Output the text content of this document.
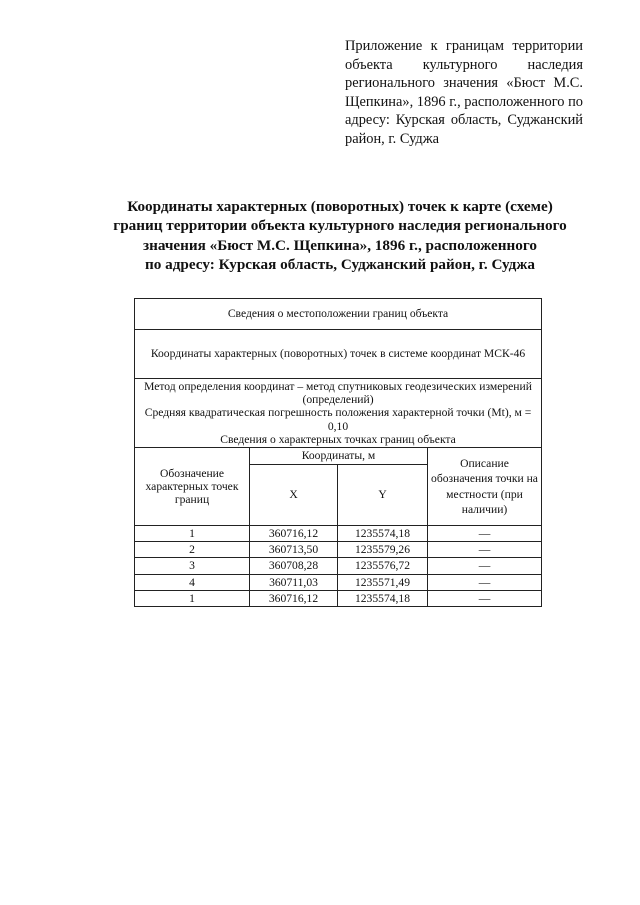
Приложение к границам территории объекта культурного наследия регионального значения «Бюст М.С. Щепкина», 1896 г., расположенного по адресу: Курская область, Суджанский район, г. Суджа
Координаты характерных (поворотных) точек к карте (схеме)
границ территории объекта культурного наследия регионального
значения «Бюст М.С. Щепкина», 1896 г., расположенного
по адресу: Курская область, Суджанский район, г. Суджа
Сведения о местоположении границ объекта			
Координаты характерных (поворотных) точек в системе координат МСК-46			

Метод определения координат – метод спутниковых геодезических измерений (определений)
Средняя квадратическая погрешность положения характерной точки (Mt), м = 0,10
Сведения о характерных точках границ объекта			

Обозначение характерных точек границ	Координаты, м		Описание обозначения точки на местности (при наличии)
	X	Y	
1	360716,12	1235574,18	—
2	360713,50	1235579,26	—
3	360708,28	1235576,72	—
4	360711,03	1235571,49	—
1	360716,12	1235574,18	—
